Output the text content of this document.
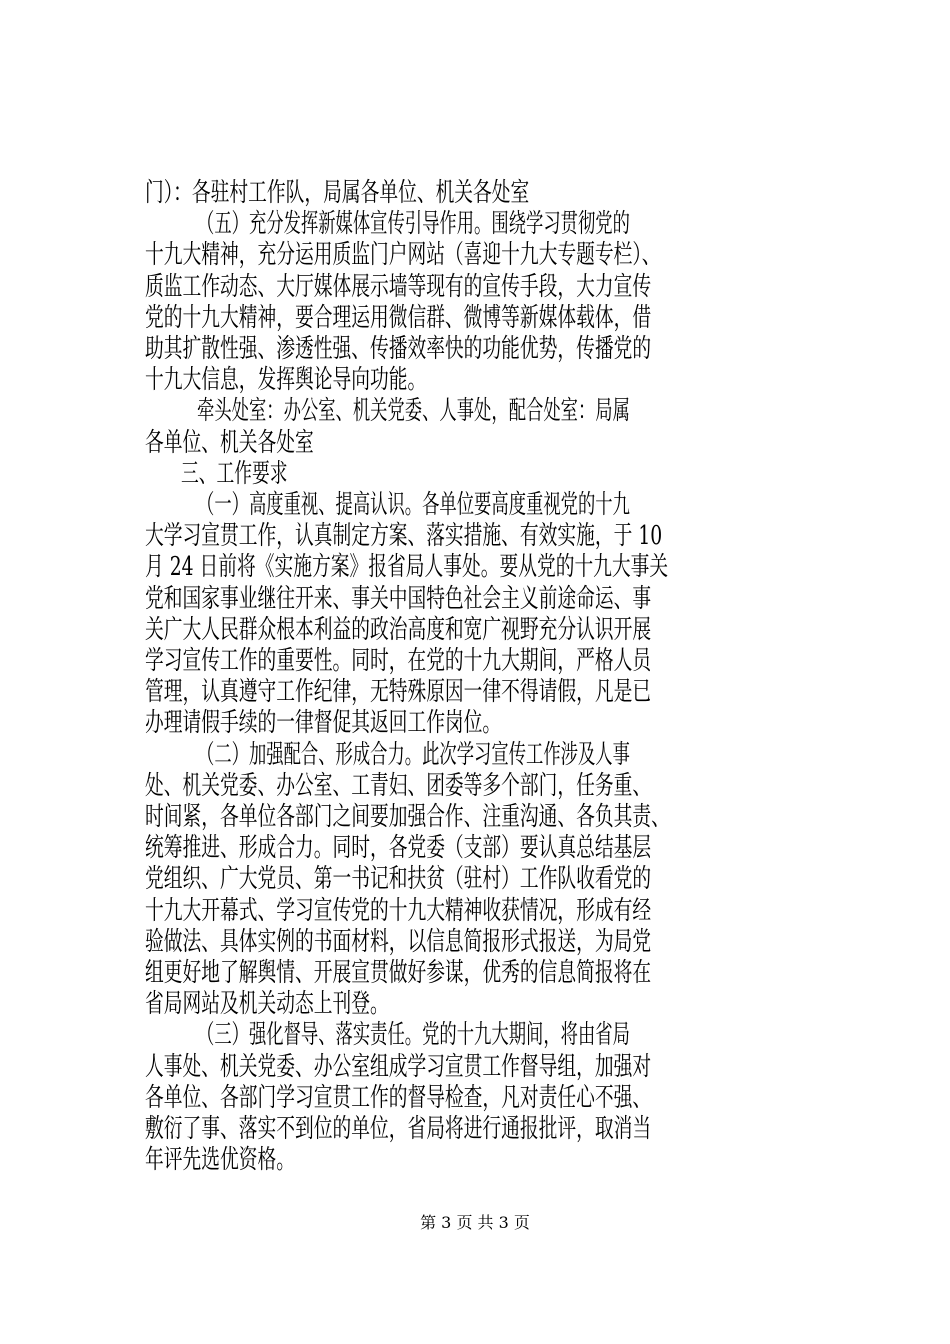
门）：各驻村工作队，局属各单位、机关各处室
（五）充分发挥新媒体宣传引导作用。围绕学习贯彻党的
十九大精神，充分运用质监门户网站（喜迎十九大专题专栏）、
质监工作动态、大厅媒体展示墙等现有的宣传手段，大力宣传
党的十九大精神，要合理运用微信群、微博等新媒体载体，借
助其扩散性强、渗透性强、传播效率快的功能优势，传播党的
十九大信息，发挥舆论导向功能。
牵头处室：办公室、机关党委、人事处，配合处室：局属
各单位、机关各处室
三、工作要求
（一）高度重视、提高认识。各单位要高度重视党的十九
大学习宣贯工作，认真制定方案、落实措施、有效实施，于 10
月 24 日前将《实施方案》报省局人事处。要从党的十九大事关
党和国家事业继往开来、事关中国特色社会主义前途命运、事
关广大人民群众根本利益的政治高度和宽广视野充分认识开展
学习宣传工作的重要性。同时，在党的十九大期间，严格人员
管理，认真遵守工作纪律，无特殊原因一律不得请假，凡是已
办理请假手续的一律督促其返回工作岗位。
（二）加强配合、形成合力。此次学习宣传工作涉及人事
处、机关党委、办公室、工青妇、团委等多个部门，任务重、
时间紧，各单位各部门之间要加强合作、注重沟通、各负其责、
统筹推进、形成合力。同时，各党委（支部）要认真总结基层
党组织、广大党员、第一书记和扶贫（驻村）工作队收看党的
十九大开幕式、学习宣传党的十九大精神收获情况，形成有经
验做法、具体实例的书面材料，以信息简报形式报送，为局党
组更好地了解舆情、开展宣贯做好参谋，优秀的信息简报将在
省局网站及机关动态上刊登。
（三）强化督导、落实责任。党的十九大期间，将由省局
人事处、机关党委、办公室组成学习宣贯工作督导组，加强对
各单位、各部门学习宣贯工作的督导检查，凡对责任心不强、
敷衍了事、落实不到位的单位，省局将进行通报批评，取消当
年评先选优资格。
第 3 页 共 3 页
